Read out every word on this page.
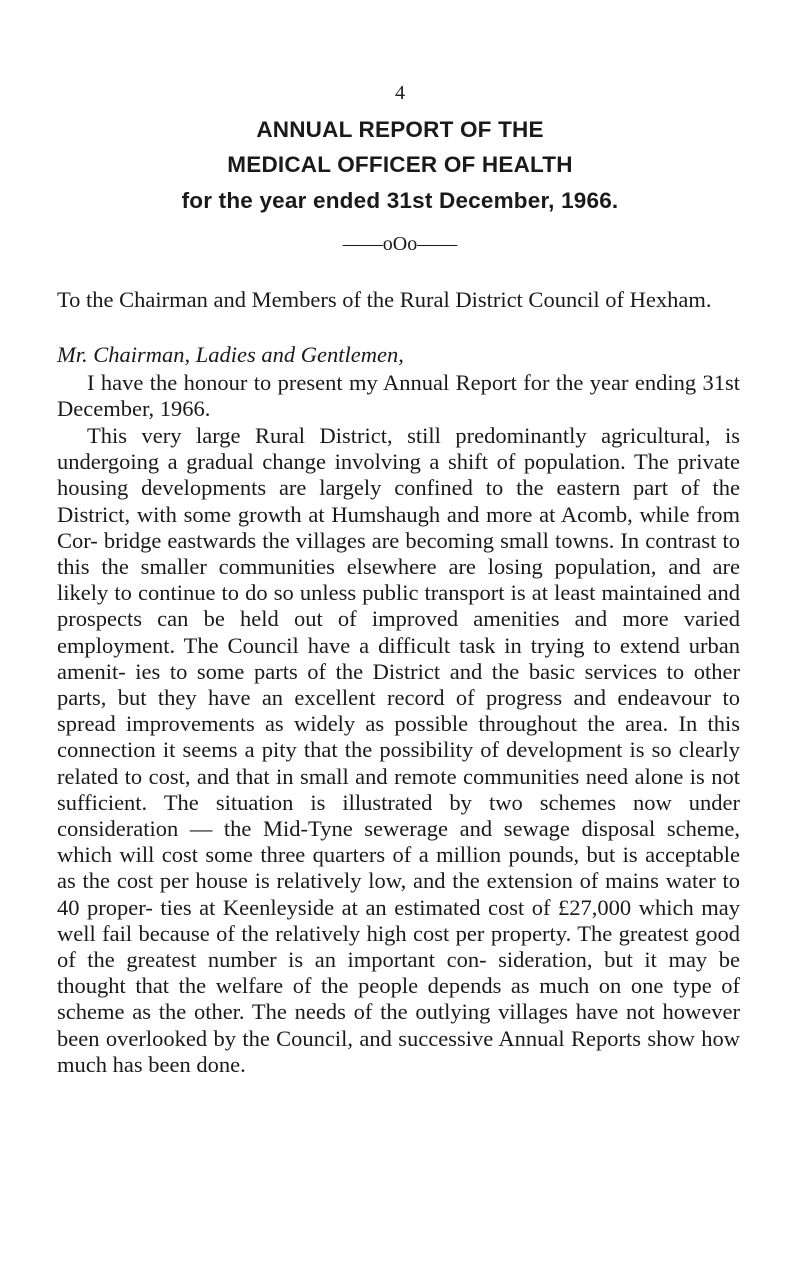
4
ANNUAL REPORT OF THE
MEDICAL OFFICER OF HEALTH
for the year ended 31st December, 1966.
——oOo——

To the Chairman and Members of the Rural District Council of Hexham.

Mr. Chairman, Ladies and Gentlemen,

I have the honour to present my Annual Report for the year ending 31st December, 1966.

This very large Rural District, still predominantly agricultural, is undergoing a gradual change involving a shift of population. The private housing developments are largely confined to the eastern part of the District, with some growth at Humshaugh and more at Acomb, while from Cor- bridge eastwards the villages are becoming small towns. In contrast to this the smaller communities elsewhere are losing population, and are likely to continue to do so unless public transport is at least maintained and prospects can be held out of improved amenities and more varied employment. The Council have a difficult task in trying to extend urban amenit- ies to some parts of the District and the basic services to other parts, but they have an excellent record of progress and endeavour to spread improvements as widely as possible throughout the area. In this connection it seems a pity that the possibility of development is so clearly related to cost, and that in small and remote communities need alone is not sufficient. The situation is illustrated by two schemes now under consideration — the Mid-Tyne sewerage and sewage disposal scheme, which will cost some three quarters of a million pounds, but is acceptable as the cost per house is relatively low, and the extension of mains water to 40 proper- ties at Keenleyside at an estimated cost of £27,000 which may well fail because of the relatively high cost per property. The greatest good of the greatest number is an important con- sideration, but it may be thought that the welfare of the people depends as much on one type of scheme as the other. The needs of the outlying villages have not however been overlooked by the Council, and successive Annual Reports show how much has been done.
